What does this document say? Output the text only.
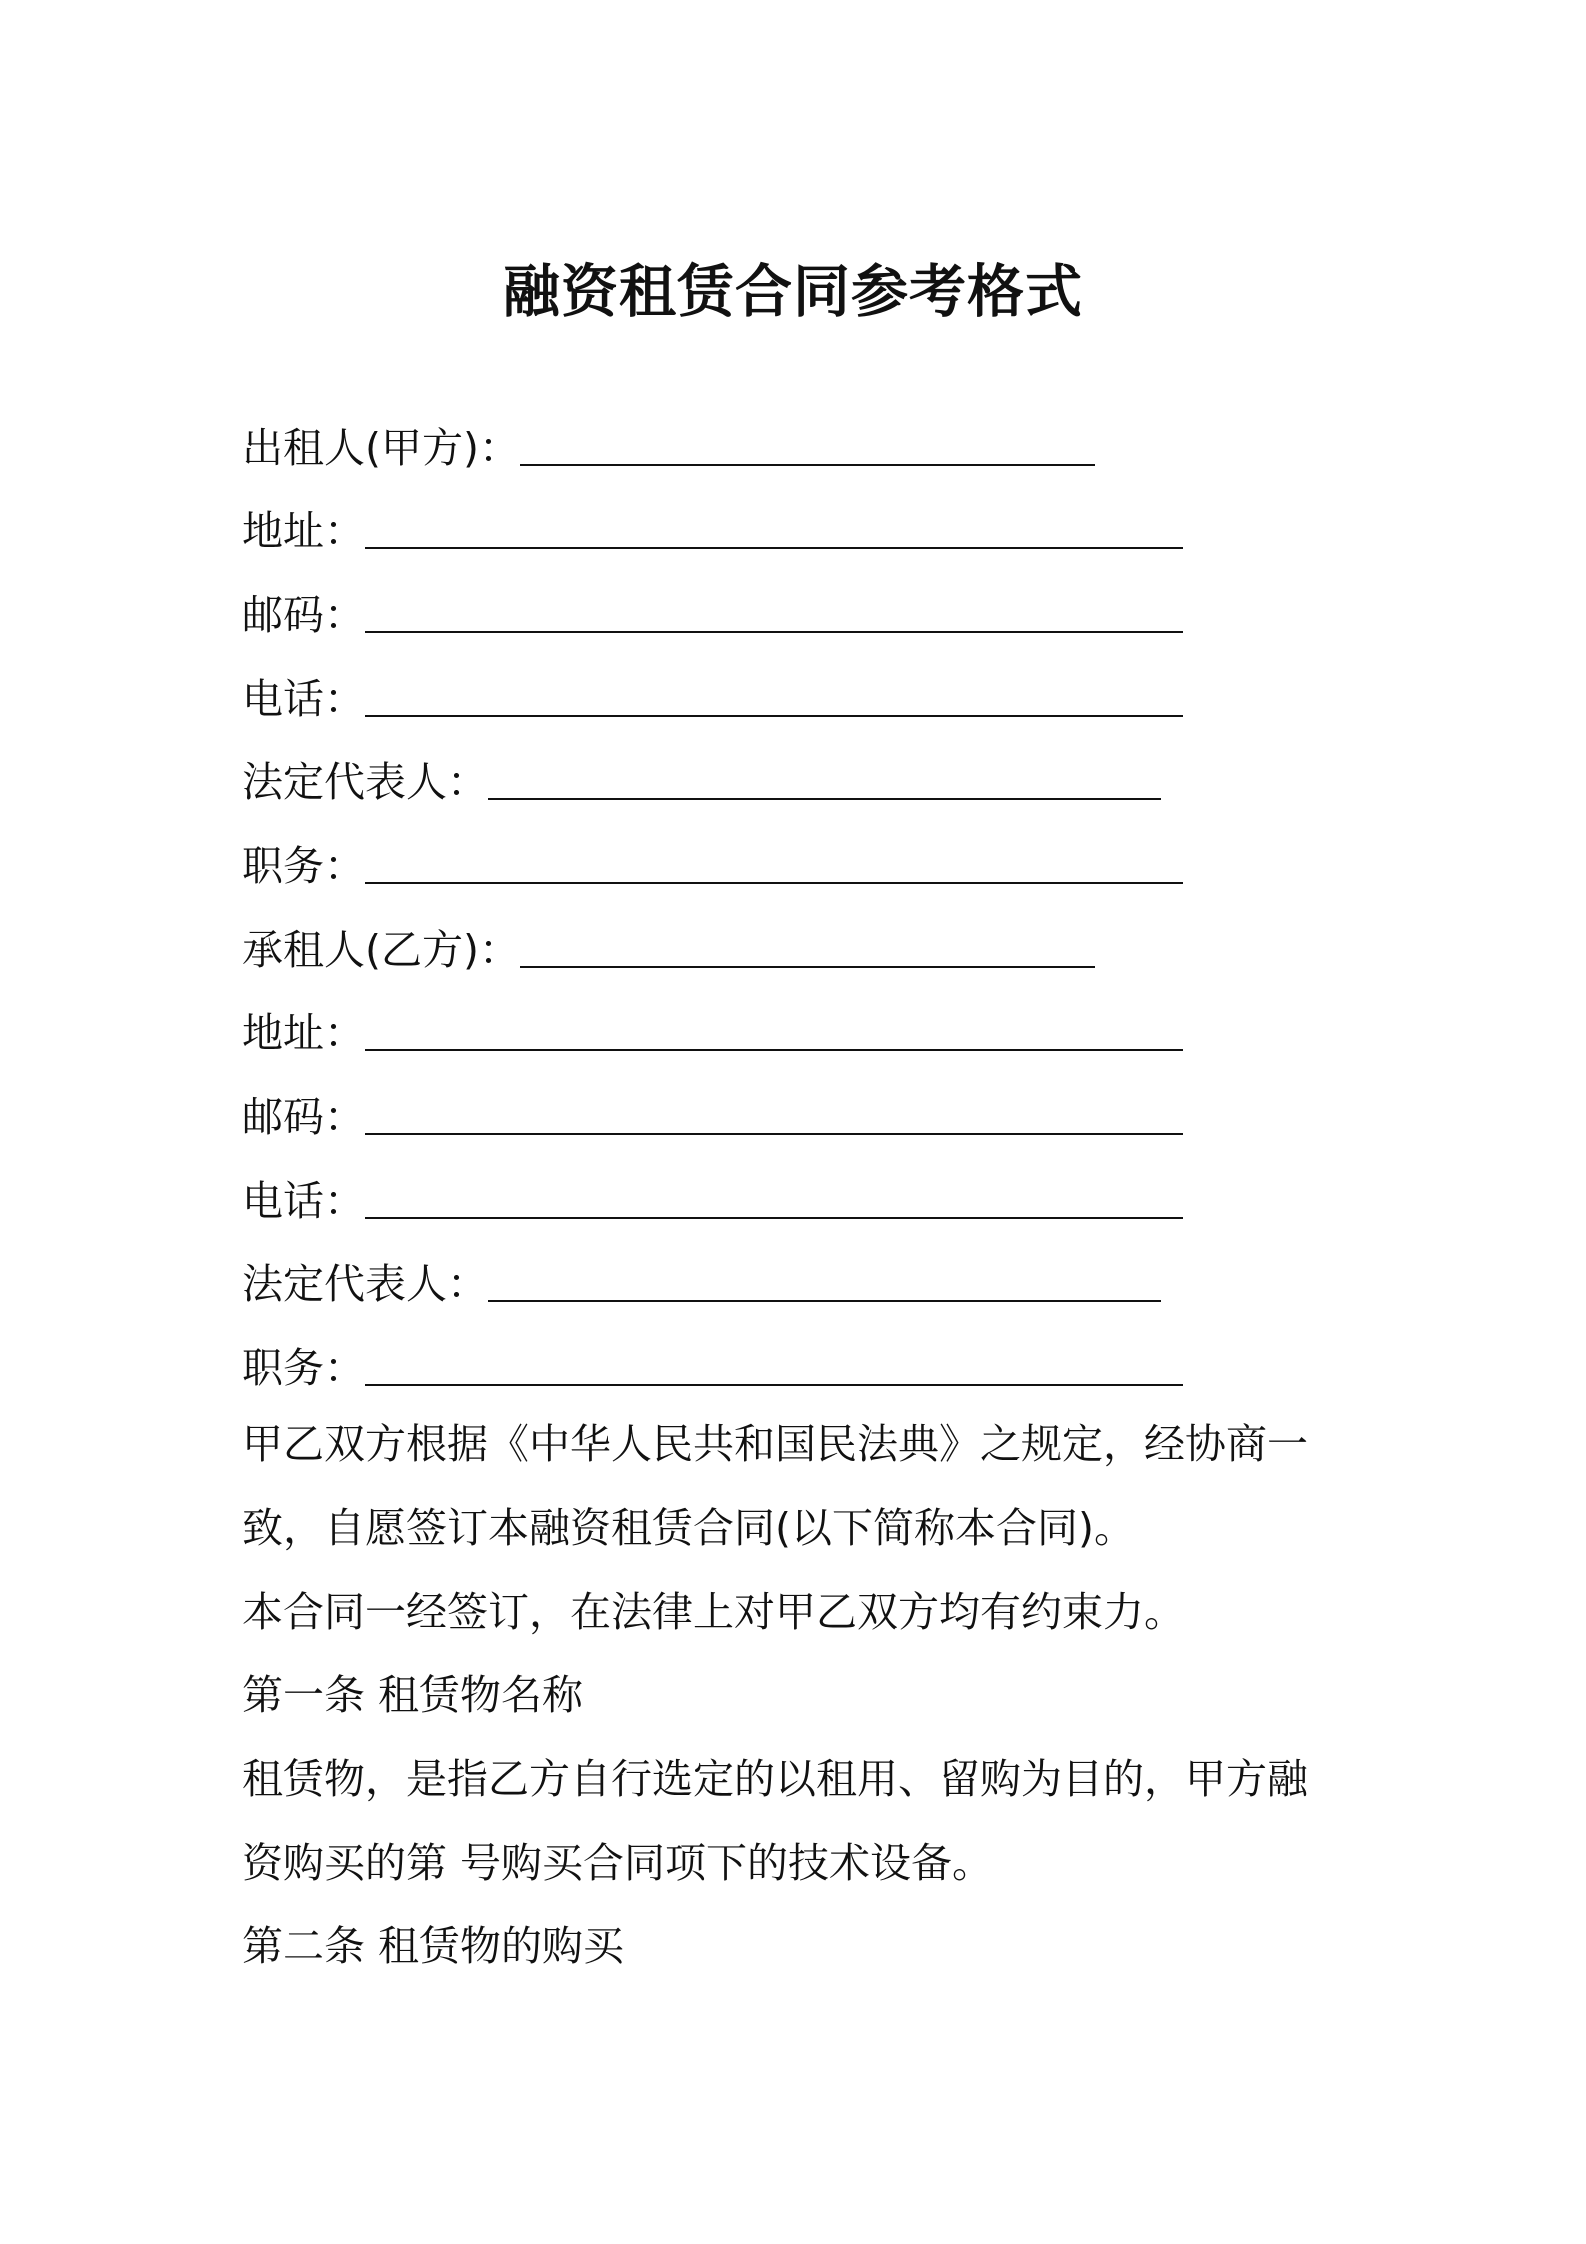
融资租赁合同参考格式
出租人(甲方)：
地址：
邮码：
电话：
法定代表人：
职务：
承租人(乙方)：
地址：
邮码：
电话：
法定代表人：
职务：
甲乙双方根据《中华人民共和国民法典》之规定，经协商一
致，自愿签订本融资租赁合同(以下简称本合同)。
本合同一经签订，在法律上对甲乙双方均有约束力。
第一条 租赁物名称
租赁物，是指乙方自行选定的以租用、留购为目的，甲方融
资购买的第 号购买合同项下的技术设备。
第二条 租赁物的购买
